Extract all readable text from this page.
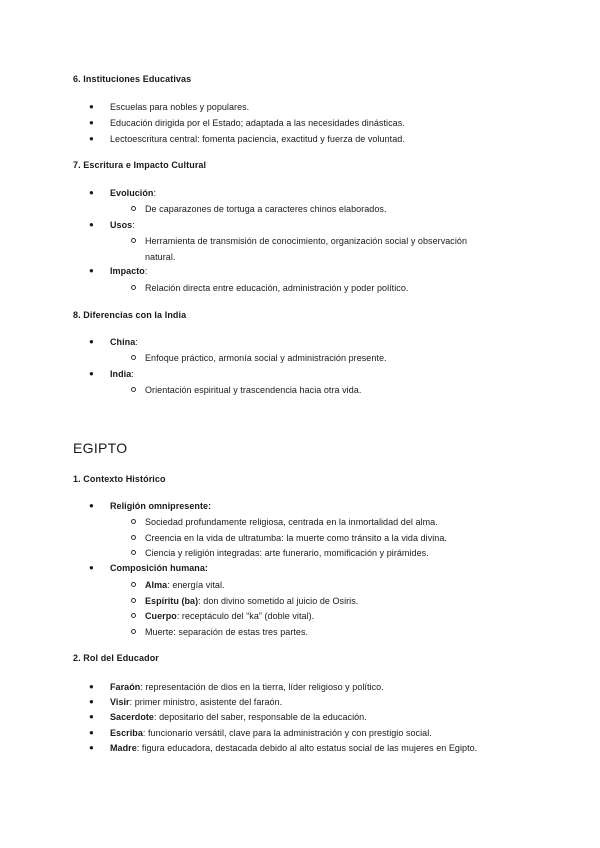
6. Instituciones Educativas
● Escuelas para nobles y populares.
● Educación dirigida por el Estado; adaptada a las necesidades dinásticas.
● Lectoescritura central: fomenta paciencia, exactitud y fuerza de voluntad.
7. Escritura e Impacto Cultural
● Evolución:
De caparazones de tortuga a caracteres chinos elaborados.
● Usos:
Herramienta de transmisión de conocimiento, organización social y observación
natural.
● Impacto:
Relación directa entre educación, administración y poder político.
8. Diferencias con la India
● China:
Enfoque práctico, armonía social y administración presente.
● India:
Orientación espiritual y trascendencia hacia otra vida.
EGIPTO
1. Contexto Histórico
● Religión omnipresente:
Sociedad profundamente religiosa, centrada en la inmortalidad del alma.
Creencia en la vida de ultratumba: la muerte como tránsito a la vida divina.
Ciencia y religión integradas: arte funerario, momificación y pirámides.
● Composición humana:
Alma: energía vital.
Espíritu (ba): don divino sometido al juicio de Osiris.
Cuerpo: receptáculo del “ka” (doble vital).
Muerte: separación de estas tres partes.
2. Rol del Educador
● Faraón: representación de dios en la tierra, líder religioso y político.
● Visir: primer ministro, asistente del faraón.
● Sacerdote: depositario del saber, responsable de la educación.
● Escriba: funcionario versátil, clave para la administración y con prestigio social.
● Madre: figura educadora, destacada debido al alto estatus social de las mujeres en Egipto.
